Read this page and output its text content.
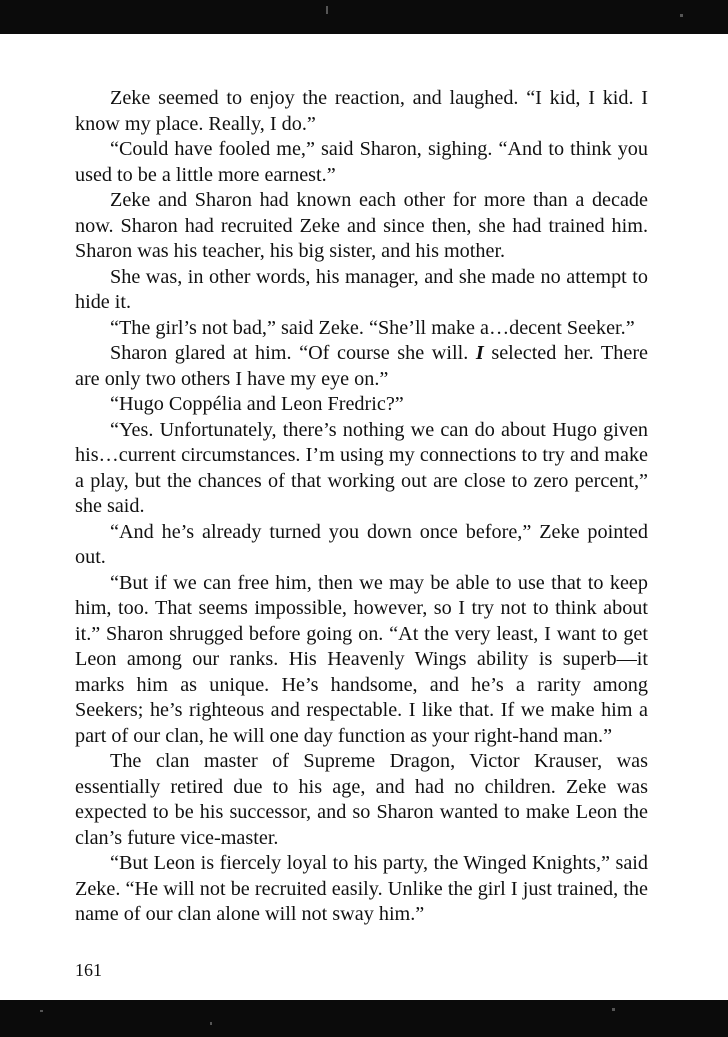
Zeke seemed to enjoy the reaction, and laughed. “I kid, I kid. I know my place. Really, I do.”

“Could have fooled me,” said Sharon, sighing. “And to think you used to be a little more earnest.”

Zeke and Sharon had known each other for more than a decade now. Sharon had recruited Zeke and since then, she had trained him. Sharon was his teacher, his big sister, and his mother.

She was, in other words, his manager, and she made no attempt to hide it.

“The girl’s not bad,” said Zeke. “She’ll make a…decent Seeker.”

Sharon glared at him. “Of course she will. I selected her. There are only two others I have my eye on.”

“Hugo Coppélia and Leon Fredric?”

“Yes. Unfortunately, there’s nothing we can do about Hugo given his…current circumstances. I’m using my connections to try and make a play, but the chances of that working out are close to zero percent,” she said.

“And he’s already turned you down once before,” Zeke pointed out.

“But if we can free him, then we may be able to use that to keep him, too. That seems impossible, however, so I try not to think about it.” Sharon shrugged before going on. “At the very least, I want to get Leon among our ranks. His Heavenly Wings ability is superb—it marks him as unique. He’s handsome, and he’s a rarity among Seekers; he’s righteous and respectable. I like that. If we make him a part of our clan, he will one day function as your right-hand man.”

The clan master of Supreme Dragon, Victor Krauser, was essentially retired due to his age, and had no children. Zeke was expected to be his successor, and so Sharon wanted to make Leon the clan’s future vice-master.

“But Leon is fiercely loyal to his party, the Winged Knights,” said Zeke. “He will not be recruited easily. Unlike the girl I just trained, the name of our clan alone will not sway him.”

161
